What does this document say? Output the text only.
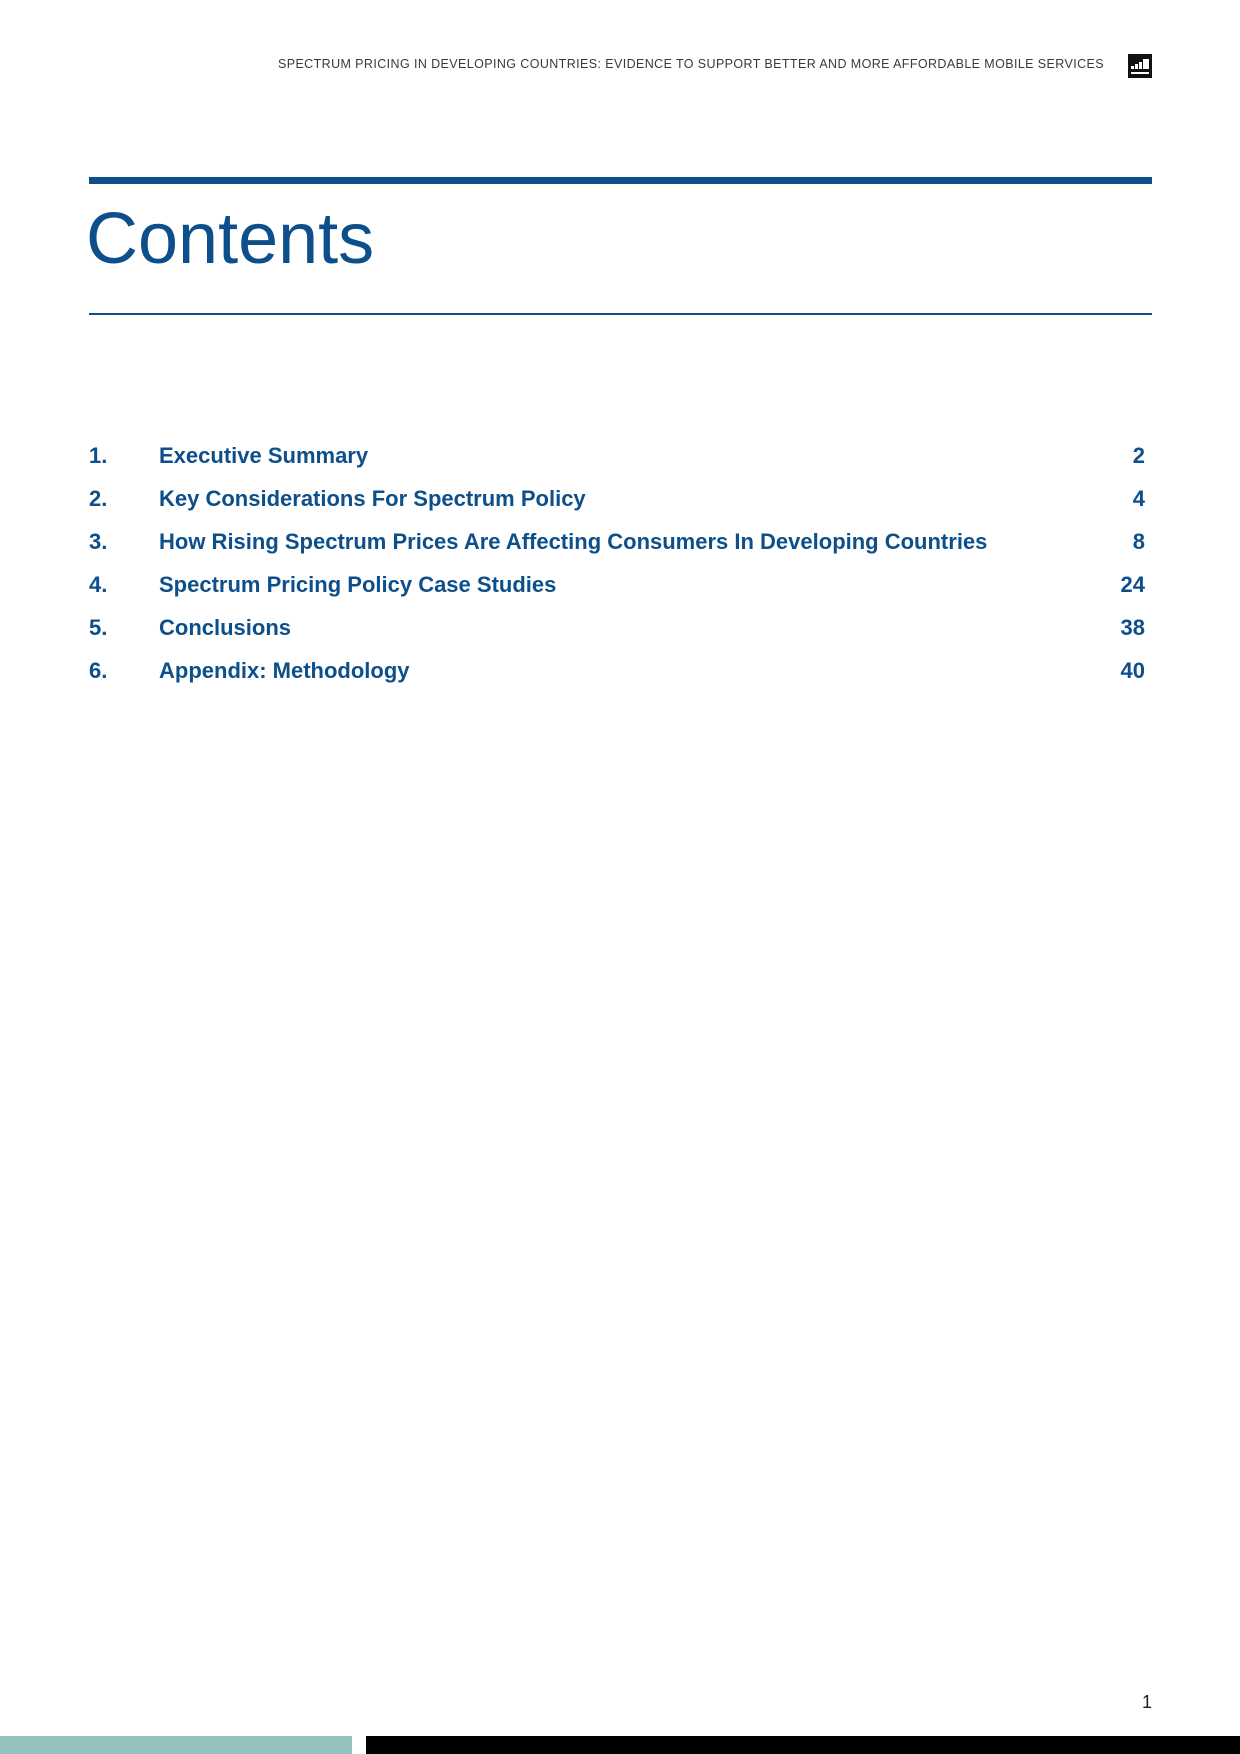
SPECTRUM PRICING IN DEVELOPING COUNTRIES: EVIDENCE TO SUPPORT BETTER AND MORE AFFORDABLE MOBILE SERVICES
Contents
1. Executive Summary	2
2. Key Considerations For Spectrum Policy	4
3. How Rising Spectrum Prices Are Affecting Consumers In Developing Countries	8
4. Spectrum Pricing Policy Case Studies	24
5. Conclusions	38
6. Appendix: Methodology	40
1
